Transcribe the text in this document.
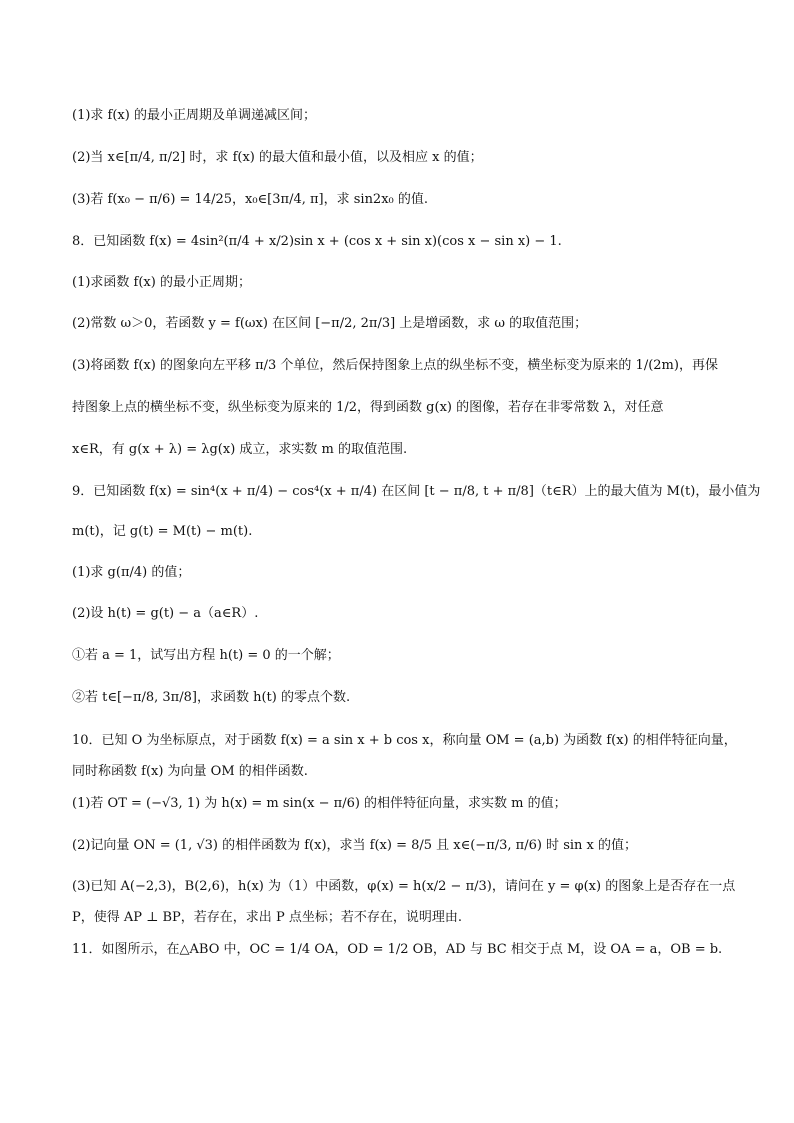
(1)求 f(x) 的最小正周期及单调递减区间；
(2)当 x∈[π/4, π/2] 时，求 f(x) 的最大值和最小值，以及相应 x 的值；
(3)若 f(x₀ − π/6) = 14/25，x₀∈[3π/4, π]，求 sin2x₀ 的值.
8．已知函数 f(x) = 4sin²(π/4 + x/2)sin x + (cos x + sin x)(cos x − sin x) − 1.
(1)求函数 f(x) 的最小正周期；
(2)常数 ω＞0，若函数 y = f(ωx) 在区间 [−π/2, 2π/3] 上是增函数，求 ω 的取值范围；
(3)将函数 f(x) 的图象向左平移 π/3 个单位，然后保持图象上点的纵坐标不变，横坐标变为原来的 1/(2m)，再保
持图象上点的横坐标不变，纵坐标变为原来的 1/2，得到函数 g(x) 的图像，若存在非零常数 λ，对任意
x∈R，有 g(x + λ) = λg(x) 成立，求实数 m 的取值范围.
9．已知函数 f(x) = sin⁴(x + π/4) − cos⁴(x + π/4) 在区间 [t − π/8, t + π/8]（t∈R）上的最大值为 M(t)，最小值为
m(t)，记 g(t) = M(t) − m(t).
(1)求 g(π/4) 的值；
(2)设 h(t) = g(t) − a（a∈R）.
①若 a = 1，试写出方程 h(t) = 0 的一个解；
②若 t∈[−π/8, 3π/8]，求函数 h(t) 的零点个数.
10．已知 O 为坐标原点，对于函数 f(x) = a sin x + b cos x，称向量 OM = (a,b) 为函数 f(x) 的相伴特征向量，
同时称函数 f(x) 为向量 OM 的相伴函数.
(1)若 OT = (−√3, 1) 为 h(x) = m sin(x − π/6) 的相伴特征向量，求实数 m 的值；
(2)记向量 ON = (1, √3) 的相伴函数为 f(x)，求当 f(x) = 8/5 且 x∈(−π/3, π/6) 时 sin x 的值；
(3)已知 A(−2,3)，B(2,6)，h(x) 为（1）中函数，φ(x) = h(x/2 − π/3)，请问在 y = φ(x) 的图象上是否存在一点
P，使得 AP ⊥ BP，若存在，求出 P 点坐标；若不存在，说明理由.
11．如图所示，在△ABO 中，OC = 1/4 OA，OD = 1/2 OB，AD 与 BC 相交于点 M，设 OA = a，OB = b.
